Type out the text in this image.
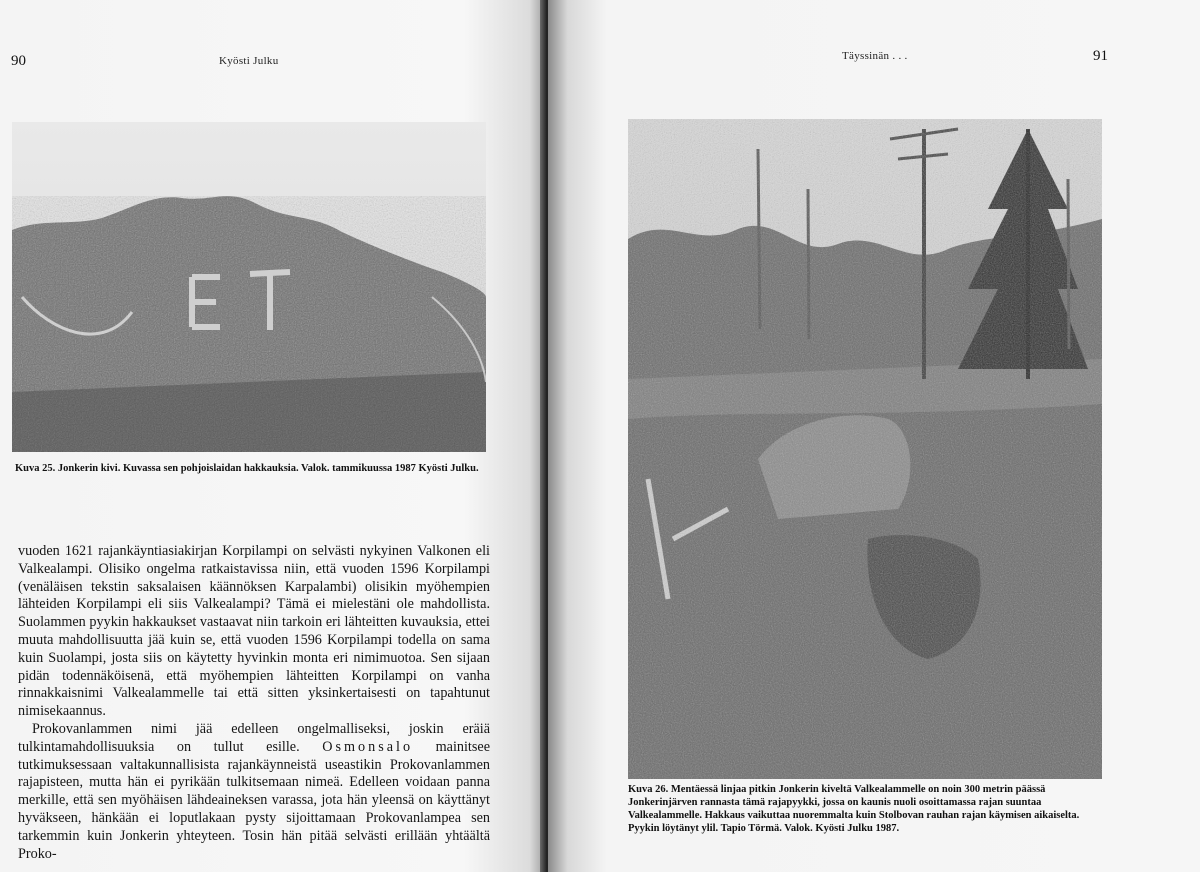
90	Kyösti Julku
Kuva 25. Jonkerin kivi. Kuvassa sen pohjoislaidan hakkauksia. Valok. tammikuussa 1987 Kyösti Julku.

vuoden 1621 rajankäyntiasiakirjan Korpilampi on selvästi nykyinen Valkonen eli Valkealampi. Olisiko ongelma ratkaistavissa niin, että vuoden 1596 Korpilampi (venäläisen tekstin saksalaisen käännöksen Karpalambi) olisikin myöhempien lähteiden Korpilampi eli siis Valkealampi? Tämä ei mielestäni ole mahdollista. Suolammen pyykin hakkaukset vastaavat niin tarkoin eri lähteitten kuvauksia, ettei muuta mahdollisuutta jää kuin se, että vuoden 1596 Korpilampi todella on sama kuin Suolampi, josta siis on käytetty hyvinkin monta eri nimimuotoa. Sen sijaan pidän todennäköisenä, että myöhempien lähteitten Korpilampi on vanha rinnakkaisnimi Valkealammelle tai että sitten yksinkertaisesti on tapahtunut nimisekaannus.

Prokovanlammen nimi jää edelleen ongelmalliseksi, joskin eräiä tulkintamahdollisuuksia on tullut esille. Osmonsalo mainitsee tutkimuksessaan valtakunnallisista rajankäynneistä useastikin Prokovanlammen rajapisteen, mutta hän ei pyrikään tulkitsemaan nimeä. Edelleen voidaan panna merkille, että sen myöhäisen lähdeaineksen varassa, jota hän yleensä on käyttänyt hyväkseen, hänkään ei loputlakaan pysty sijoittamaan Prokovanlampea sen tarkemmin kuin Jonkerin yhteyteen. Tosin hän pitää selvästi erillään yhtäältä Proko-

Täyssinän . . .	91
Kuva 26. Mentäessä linjaa pitkin Jonkerin kiveltä Valkealammelle on noin 300 metrin päässä Jonkerinjärven rannasta tämä rajapyykki, jossa on kaunis nuoli osoittamassa rajan suuntaa Valkealammelle. Hakkaus vaikuttaa nuoremmalta kuin Stolbovan rauhan rajan käymisen aikaiselta. Pyykin löytänyt ylil. Tapio Törmä. Valok. Kyösti Julku 1987.
